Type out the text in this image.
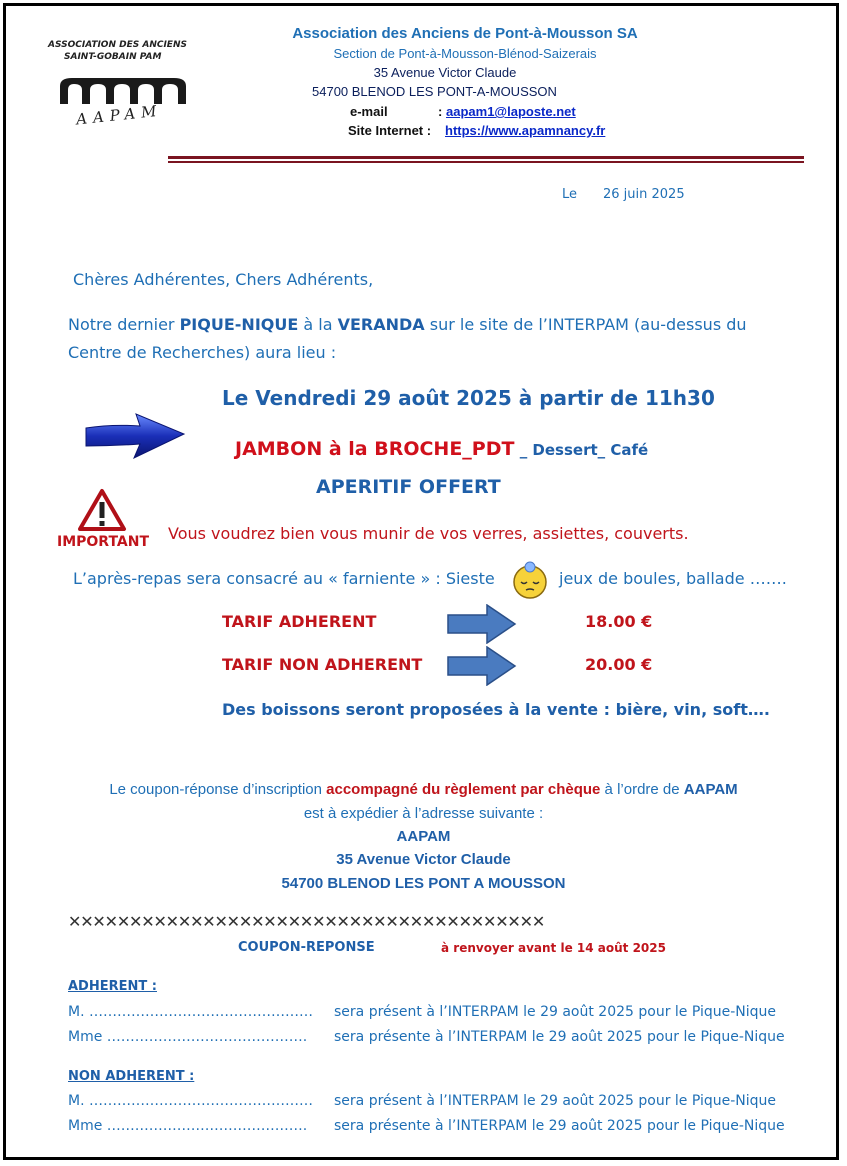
ASSOCIATION DES ANCIENS
SAINT-GOBAIN PAM
AAPAM
Association des Anciens de Pont-à-Mousson SA
Section de Pont-à-Mousson-Blénod-Saizerais
35 Avenue Victor Claude
54700 BLENOD LES PONT-A-MOUSSON
e-mail	: aapam1@laposte.net
Site Internet : https://www.apamnancy.fr
Le 26 juin 2025
Chères Adhérentes, Chers Adhérents,
Notre dernier PIQUE-NIQUE à la VERANDA sur le site de l’INTERPAM (au-dessus du
Centre de Recherches) aura lieu :
Le Vendredi 29 août 2025 à partir de 11h30
JAMBON à la BROCHE_PDT _ Dessert_ Café
APERITIF OFFERT
IMPORTANT Vous voudrez bien vous munir de vos verres, assiettes, couverts.
L’après-repas sera consacré au « farniente » : Sieste	jeux de boules, ballade …….
TARIF ADHERENT	18.00 €
TARIF NON ADHERENT	20.00 €
Des boissons seront proposées à la vente : bière, vin, soft….
Le coupon-réponse d’inscription accompagné du règlement par chèque à l’ordre de AAPAM
est à expédier à l’adresse suivante :
AAPAM
35 Avenue Victor Claude
54700 BLENOD LES PONT A MOUSSON
✕✕✕✕✕✕✕✕✕✕✕✕✕✕✕✕✕✕✕✕✕✕✕✕✕✕✕✕✕✕✕✕✕✕✕✕✕✕✕
COUPON-REPONSE	à renvoyer avant le 14 août 2025
ADHERENT :
M. ………………………………………… sera présent à l’INTERPAM le 29 août 2025 pour le Pique-Nique
Mme ……………………………………. sera présente à l’INTERPAM le 29 août 2025 pour le Pique-Nique
NON ADHERENT :
M. ………………………………………… sera présent à l’INTERPAM le 29 août 2025 pour le Pique-Nique
Mme ……………………………………. sera présente à l’INTERPAM le 29 août 2025 pour le Pique-Nique
